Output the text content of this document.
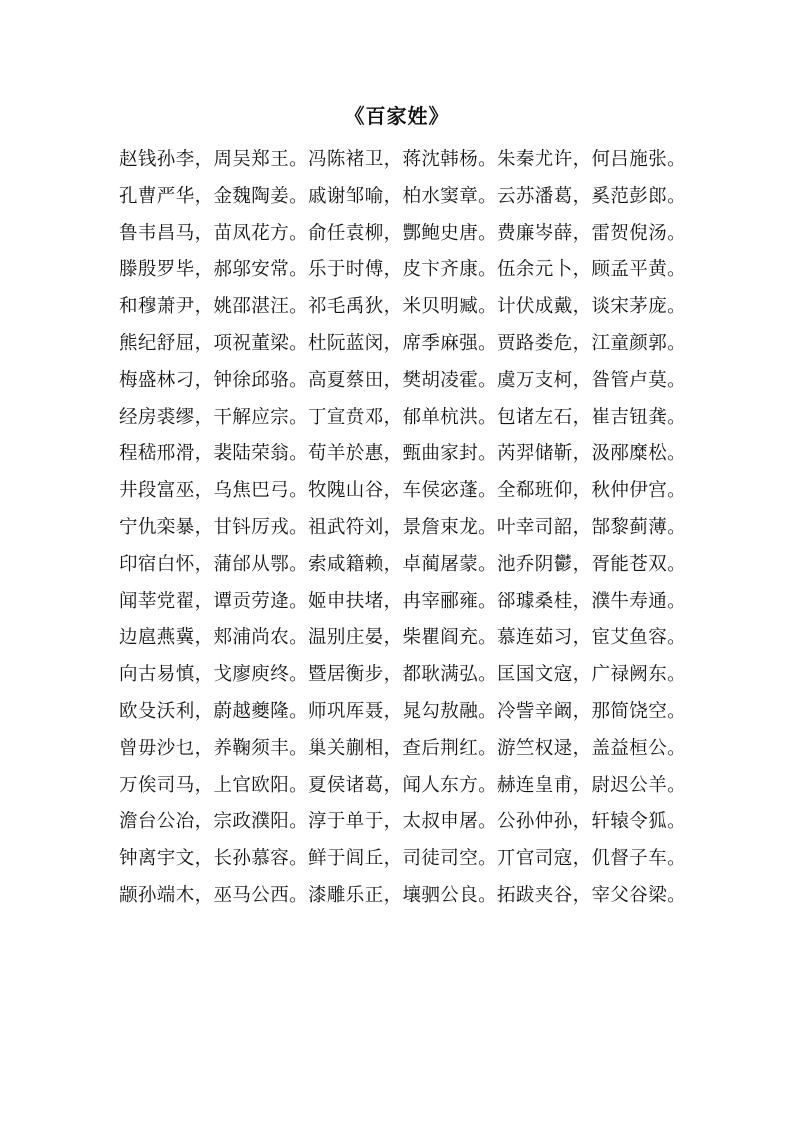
《百家姓》
赵钱孙李，周吴郑王。冯陈褚卫，蒋沈韩杨。朱秦尤许，何吕施张。
孔曹严华，金魏陶姜。戚谢邹喻，柏水窦章。云苏潘葛，奚范彭郎。
鲁韦昌马，苗凤花方。俞任袁柳，酆鲍史唐。费廉岑薛，雷贺倪汤。
滕殷罗毕，郝邬安常。乐于时傅，皮卞齐康。伍余元卜，顾孟平黄。
和穆萧尹，姚邵湛汪。祁毛禹狄，米贝明臧。计伏成戴，谈宋茅庞。
熊纪舒屈，项祝董梁。杜阮蓝闵，席季麻强。贾路娄危，江童颜郭。
梅盛林刁，钟徐邱骆。高夏蔡田，樊胡凌霍。虞万支柯，昝管卢莫。
经房裘缪，干解应宗。丁宣贲邓，郁单杭洪。包诸左石，崔吉钮龚。
程嵇邢滑，裴陆荣翁。荀羊於惠，甄曲家封。芮羿储靳，汲邴糜松。
井段富巫，乌焦巴弓。牧隗山谷，车侯宓蓬。全郗班仰，秋仲伊宫。
宁仇栾暴，甘钭厉戎。祖武符刘，景詹束龙。叶幸司韶，郜黎蓟薄。
印宿白怀，蒲邰从鄂。索咸籍赖，卓蔺屠蒙。池乔阴鬱，胥能苍双。
闻莘党翟，谭贡劳逄。姬申扶堵，冉宰郦雍。郤璩桑桂，濮牛寿通。
边扈燕冀，郏浦尚农。温别庄晏，柴瞿阎充。慕连茹习，宦艾鱼容。
向古易慎，戈廖庾终。暨居衡步，都耿满弘。匡国文寇，广禄阙东。
欧殳沃利，蔚越夔隆。师巩厍聂，晁勾敖融。冷訾辛阚，那简饶空。
曾毋沙乜，养鞠须丰。巢关蒯相，查后荆红。游竺权逯，盖益桓公。
万俟司马，上官欧阳。夏侯诸葛，闻人东方。赫连皇甫，尉迟公羊。
澹台公冶，宗政濮阳。淳于单于，太叔申屠。公孙仲孙，轩辕令狐。
钟离宇文，长孙慕容。鲜于闾丘，司徒司空。丌官司寇，仉督子车。
颛孙端木，巫马公西。漆雕乐正，壤驷公良。拓跋夹谷，宰父谷梁。
